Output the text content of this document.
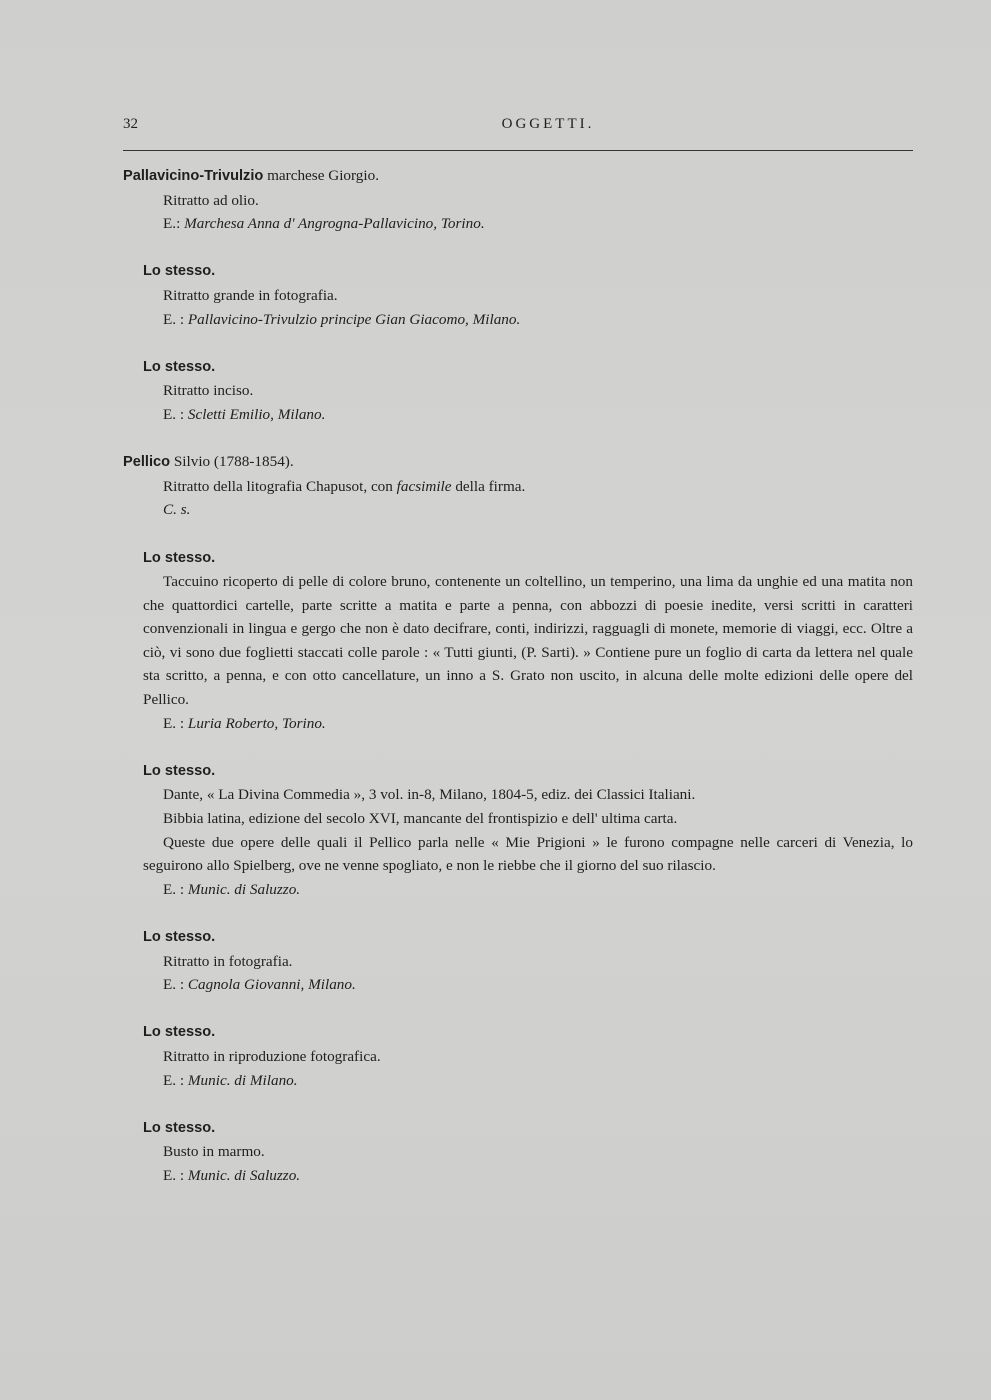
32	OGGETTI.

Pallavicino-Trivulzio marchese Giorgio.

Ritratto ad olio.

E.: Marchesa Anna d' Angrogna-Pallavicino, Torino.

Lo stesso.

Ritratto grande in fotografia.

E. : Pallavicino-Trivulzio principe Gian Giacomo, Milano.

Lo stesso.

Ritratto inciso.

E. : Scletti Emilio, Milano.

Pellico Silvio (1788-1854).

Ritratto della litografia Chapusot, con facsimile della firma.

C. s.

Lo stesso.

Taccuino ricoperto di pelle di colore bruno, contenente un coltellino, un temperino, una lima da unghie ed una matita non che quattordici cartelle, parte scritte a matita e parte a penna, con abbozzi di poesie inedite, versi scritti in caratteri convenzionali in lingua e gergo che non è dato decifrare, conti, indirizzi, ragguagli di monete, memorie di viaggi, ecc. Oltre a ciò, vi sono due foglietti staccati colle parole : « Tutti giunti, (P. Sarti). » Contiene pure un foglio di carta da lettera nel quale sta scritto, a penna, e con otto cancellature, un inno a S. Grato non uscito, in alcuna delle molte edizioni delle opere del Pellico.

E. : Luria Roberto, Torino.

Lo stesso.

Dante, « La Divina Commedia », 3 vol. in-8, Milano, 1804-5, ediz. dei Classici Italiani.

Bibbia latina, edizione del secolo XVI, mancante del frontispizio e dell' ultima carta.

Queste due opere delle quali il Pellico parla nelle « Mie Prigioni » le furono compagne nelle carceri di Venezia, lo seguirono allo Spielberg, ove ne venne spogliato, e non le riebbe che il giorno del suo rilascio.

E. : Munic. di Saluzzo.

Lo stesso.

Ritratto in fotografia.

E. : Cagnola Giovanni, Milano.

Lo stesso.

Ritratto in riproduzione fotografica.

E. : Munic. di Milano.

Lo stesso.

Busto in marmo.

E. : Munic. di Saluzzo.
